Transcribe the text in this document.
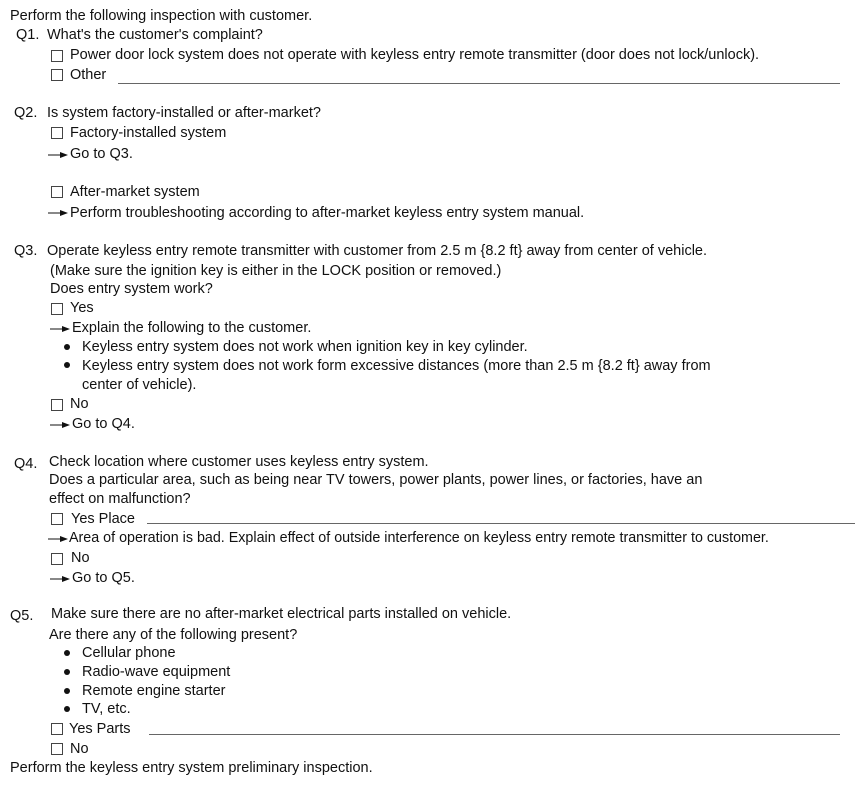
Perform the following inspection with customer.
Q1. What's the customer's complaint?
Power door lock system does not operate with keyless entry remote transmitter (door does not lock/unlock).
Other
Q2. Is system factory-installed or after-market?
Factory-installed system
Go to Q3.
After-market system
Perform troubleshooting according to after-market keyless entry system manual.
Q3. Operate keyless entry remote transmitter with customer from 2.5 m {8.2 ft} away from center of vehicle.
(Make sure the ignition key is either in the LOCK position or removed.)
Does entry system work?
Yes
Explain the following to the customer.
Keyless entry system does not work when ignition key in key cylinder.
Keyless entry system does not work form excessive distances (more than 2.5 m {8.2 ft} away from
center of vehicle).
No
Go to Q4.
Q4. Check location where customer uses keyless entry system.
Does a particular area, such as being near TV towers, power plants, power lines, or factories, have an
effect on malfunction?
Yes Place
Area of operation is bad. Explain effect of outside interference on keyless entry remote transmitter to customer.
No
Go to Q5.
Q5. Make sure there are no after-market electrical parts installed on vehicle.
Are there any of the following present?
Cellular phone
Radio-wave equipment
Remote engine starter
TV, etc.
Yes Parts
No
Perform the keyless entry system preliminary inspection.
